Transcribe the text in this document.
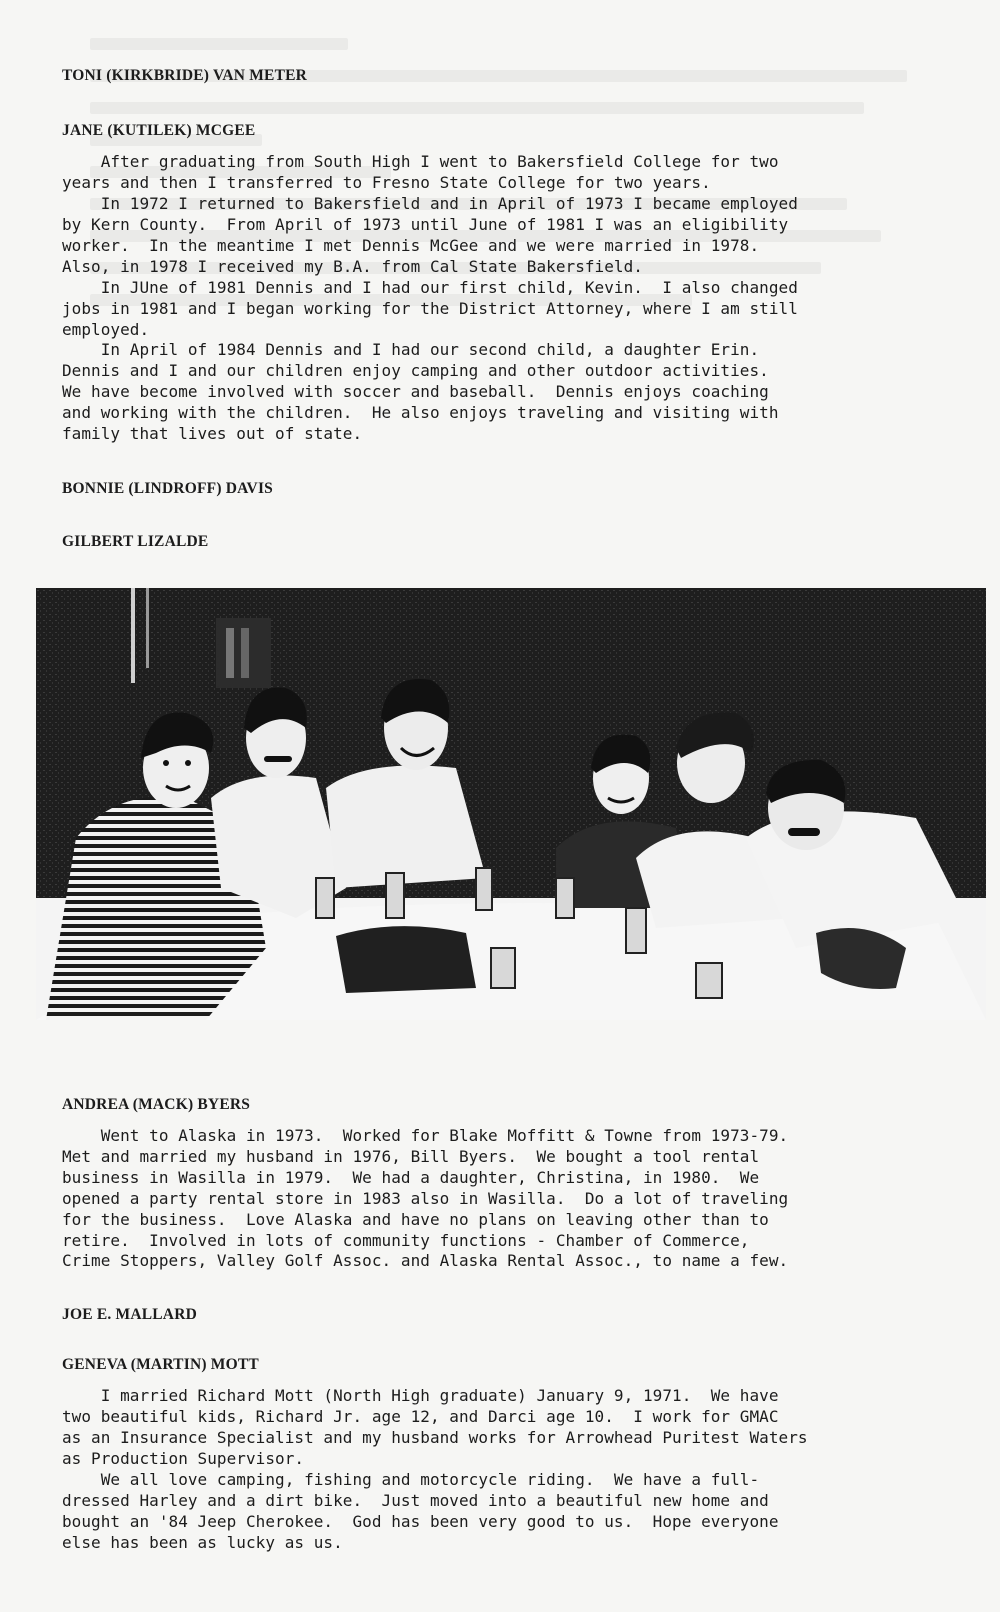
TONI (KIRKBRIDE) VAN METER
JANE (KUTILEK) MCGEE

After graduating from South High I went to Bakersfield College for two
years and then I transferred to Fresno State College for two years.

In 1972 I returned to Bakersfield and in April of 1973 I became employed
by Kern County.  From April of 1973 until June of 1981 I was an eligibility
worker.  In the meantime I met Dennis McGee and we were married in 1978.
Also, in 1978 I received my B.A. from Cal State Bakersfield.

In JUne of 1981 Dennis and I had our first child, Kevin.  I also changed
jobs in 1981 and I began working for the District Attorney, where I am still
employed.

In April of 1984 Dennis and I had our second child, a daughter Erin.
Dennis and I and our children enjoy camping and other outdoor activities.
We have become involved with soccer and baseball.  Dennis enjoys coaching
and working with the children.  He also enjoys traveling and visiting with
family that lives out of state.

BONNIE (LINDROFF) DAVIS
GILBERT LIZALDE
ANDREA (MACK) BYERS

Went to Alaska in 1973.  Worked for Blake Moffitt & Towne from 1973-79.
Met and married my husband in 1976, Bill Byers.  We bought a tool rental
business in Wasilla in 1979.  We had a daughter, Christina, in 1980.  We
opened a party rental store in 1983 also in Wasilla.  Do a lot of traveling
for the business.  Love Alaska and have no plans on leaving other than to
retire.  Involved in lots of community functions - Chamber of Commerce,
Crime Stoppers, Valley Golf Assoc. and Alaska Rental Assoc., to name a few.

JOE E. MALLARD
GENEVA (MARTIN) MOTT

I married Richard Mott (North High graduate) January 9, 1971.  We have
two beautiful kids, Richard Jr. age 12, and Darci age 10.  I work for GMAC
as an Insurance Specialist and my husband works for Arrowhead Puritest Waters
as Production Supervisor.

We all love camping, fishing and motorcycle riding.  We have a full-
dressed Harley and a dirt bike.  Just moved into a beautiful new home and
bought an '84 Jeep Cherokee.  God has been very good to us.  Hope everyone
else has been as lucky as us.
